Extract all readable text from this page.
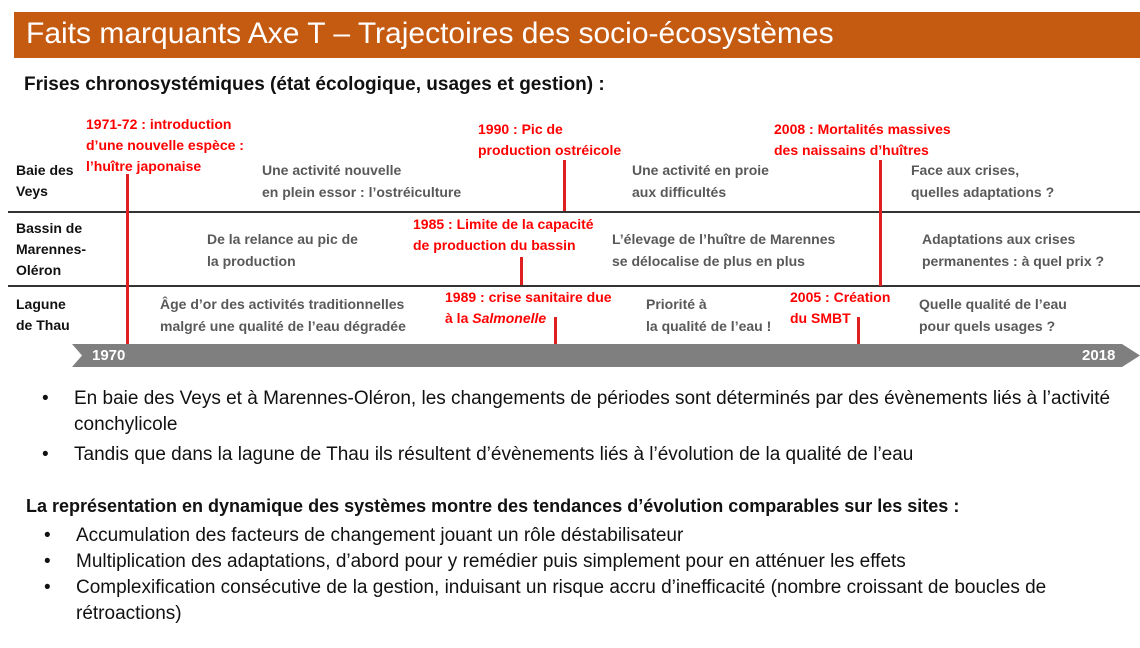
Faits marquants Axe T – Trajectoires des socio-écosystèmes
Frises chronosystémiques (état écologique, usages et gestion) :
Baie des
Veys
Bassin de
Marennes-
Oléron
Lagune
de Thau
Une activité nouvelle
en plein essor : l’ostréiculture
Une activité en proie
aux difficultés
Face aux crises,
quelles adaptations ?
De la relance au pic de
la production
L’élevage de l’huître de Marennes
se délocalise de plus en plus
Adaptations aux crises
permanentes : à quel prix ?
Âge d’or des activités traditionnelles
malgré une qualité de l’eau dégradée
Priorité à
la qualité de l’eau !
Quelle qualité de l’eau
pour quels usages ?
1971-72 : introduction
d’une nouvelle espèce :
l’huître japonaise
1990 : Pic de
production ostréicole
2008 : Mortalités massives
des naissains d’huîtres
1985 : Limite de la capacité
de production du bassin
1989 : crise sanitaire due
à la Salmonelle
2005 : Création
du SMBT
1970	2018
• En baie des Veys et à Marennes-Oléron, les changements de périodes sont déterminés par des évènements liés à l’activité conchylicole
• Tandis que dans la lagune de Thau ils résultent d’évènements liés à l’évolution de la qualité de l’eau
La représentation en dynamique des systèmes montre des tendances d’évolution comparables sur les sites :
• Accumulation des facteurs de changement jouant un rôle déstabilisateur
• Multiplication des adaptations, d’abord pour y remédier puis simplement pour en atténuer les effets
• Complexification consécutive de la gestion, induisant un risque accru d’inefficacité (nombre croissant de boucles de rétroactions)
